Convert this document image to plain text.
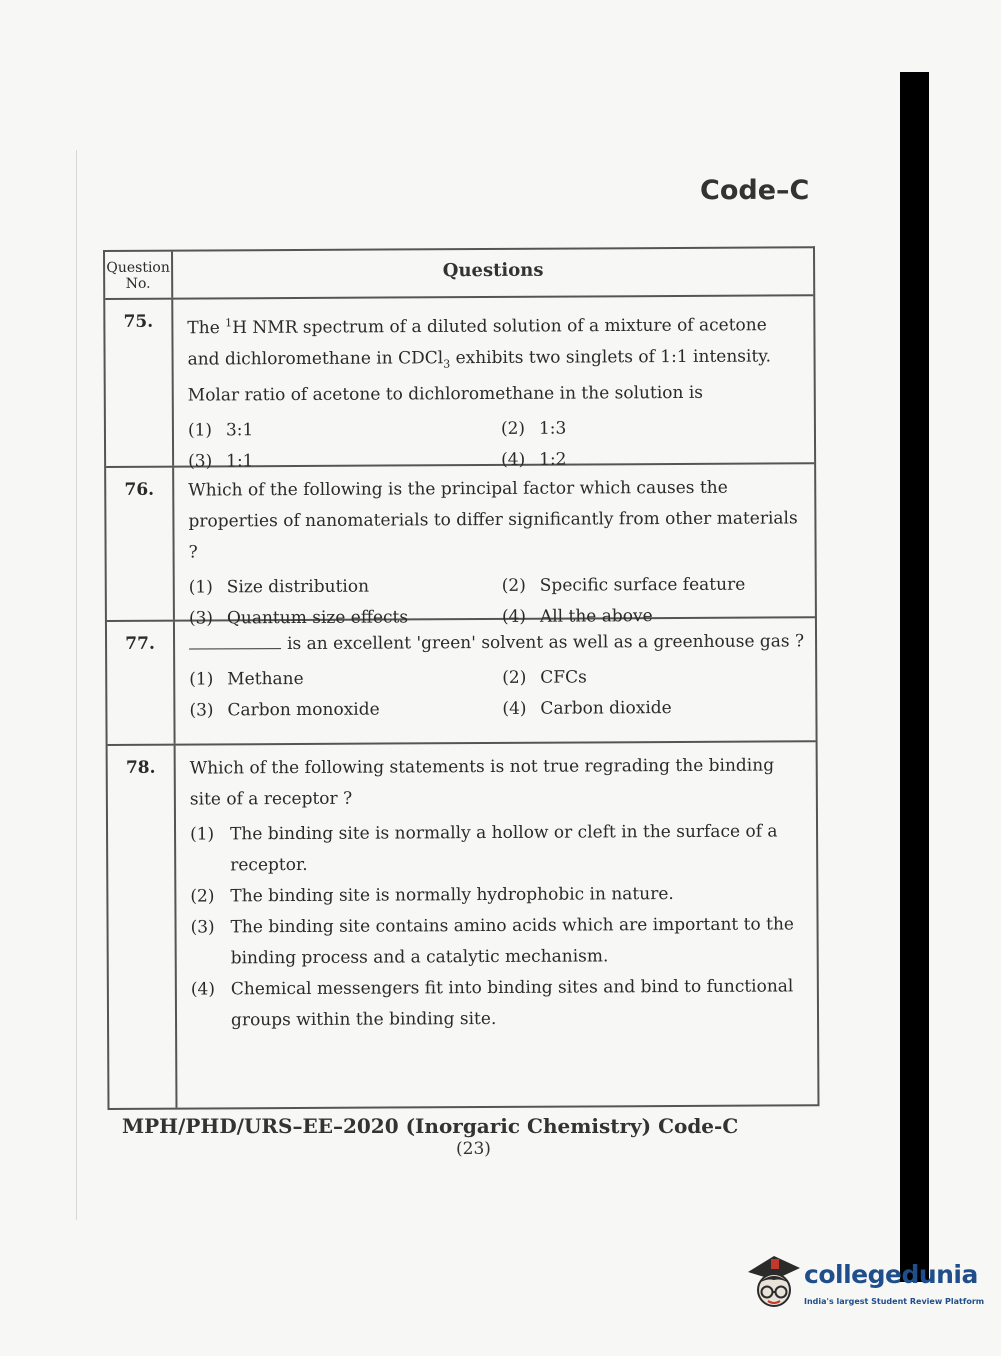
Code–C
Question No.
Questions
75.	The $^1$H NMR spectrum of a diluted solution of a mixture of acetone and dichloromethane in CDCl$_3$ exhibits two singlets of 1:1 intensity. Molar ratio of acetone to dichloromethane in the solution is
(1) 3:1	(2) 1:3
(3) 1:1	(4) 1:2
76.	Which of the following is the principal factor which causes the properties of nanomaterials to differ significantly from other materials ?
(1) Size distribution	(2) Specific surface feature
(3) Quantum size effects	(4) All the above
77.	is an excellent 'green' solvent as well as a greenhouse gas ?
(1) Methane	(2) CFCs
(3) Carbon monoxide	(4) Carbon dioxide
78.	Which of the following statements is not true regrading the binding site of a receptor ?
(1) The binding site is normally a hollow or cleft in the surface of a receptor.
(2) The binding site is normally hydrophobic in nature.
(3) The binding site contains amino acids which are important to the binding process and a catalytic mechanism.
(4) Chemical messengers fit into binding sites and bind to functional groups within the binding site.
MPH/PHD/URS–EE–2020 (Inorgaric Chemistry) Code-C
(23)
collegedunia
India's largest Student Review Platform
